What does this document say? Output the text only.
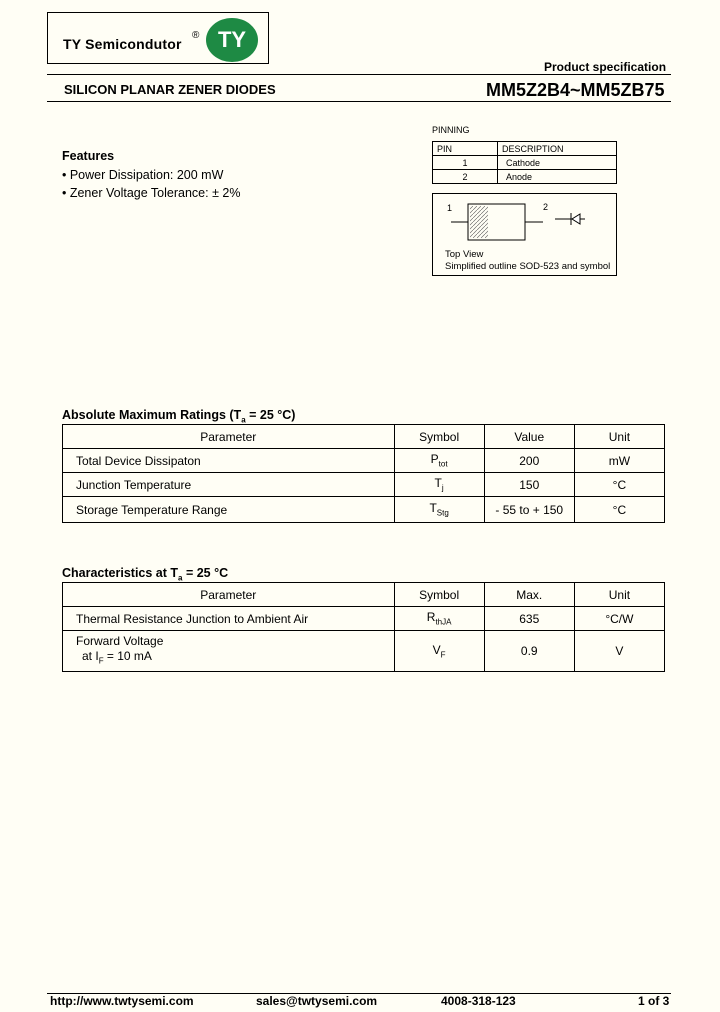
TY Semicondutor
® TY
Product specification
SILICON PLANAR ZENER DIODES	MM5Z2B4~MM5ZB75
Features
• Power Dissipation: 200 mW
• Zener Voltage Tolerance: ± 2%
PINNING
PIN	DESCRIPTION
1	Cathode
2	Anode
1	2
Top View
Simplified outline SOD-523 and symbol
Absolute Maximum Ratings ($T_a = 25$ °C)
Parameter	Symbol	Value	Unit
Total Device Dissipaton	$P_{tot}$	200	mW
Junction Temperature	$T_j$	150	°C
Storage Temperature Range	$T_{Stg}$	- 55 to + 150	°C
Characteristics at $T_a = 25$ °C
Parameter	Symbol	Max.	Unit
Thermal Resistance Junction to Ambient Air	$R_{thJA}$	635	°C/W

Forward Voltage
at $I_F = 10$ mA	$V_F$	0.9	V
http://www.twtysemi.com	sales@twtysemi.com	4008-318-123	1 of 3
